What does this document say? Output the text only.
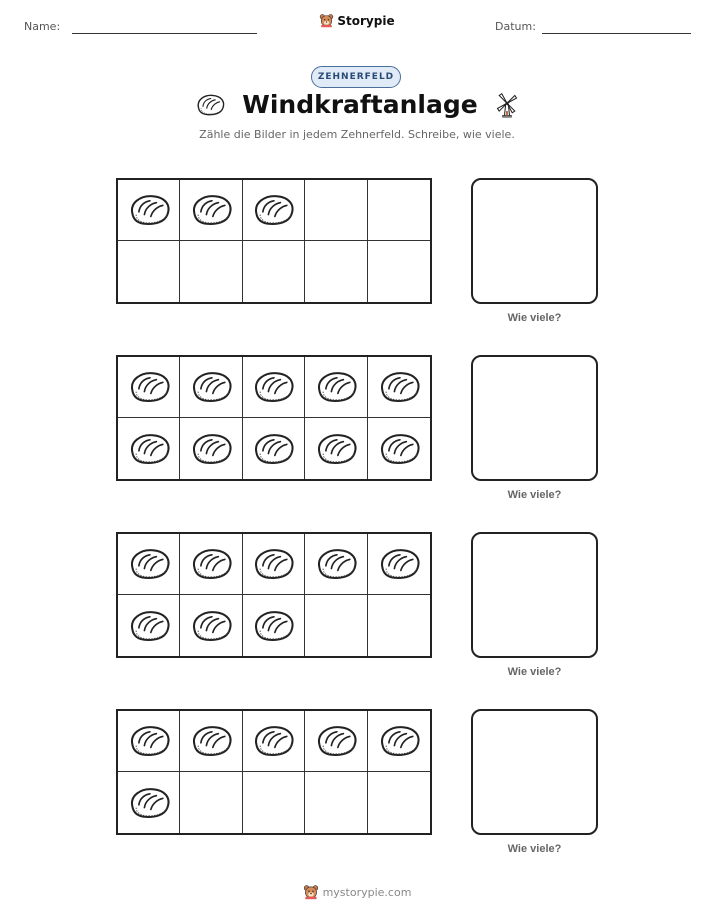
Name:	Storypie	Datum:
ZEHNERFELD
Windkraftanlage
Zähle die Bilder in jedem Zehnerfeld. Schreibe, wie viele.
Wie viele?
Wie viele?
Wie viele?
Wie viele?
mystorypie.com
